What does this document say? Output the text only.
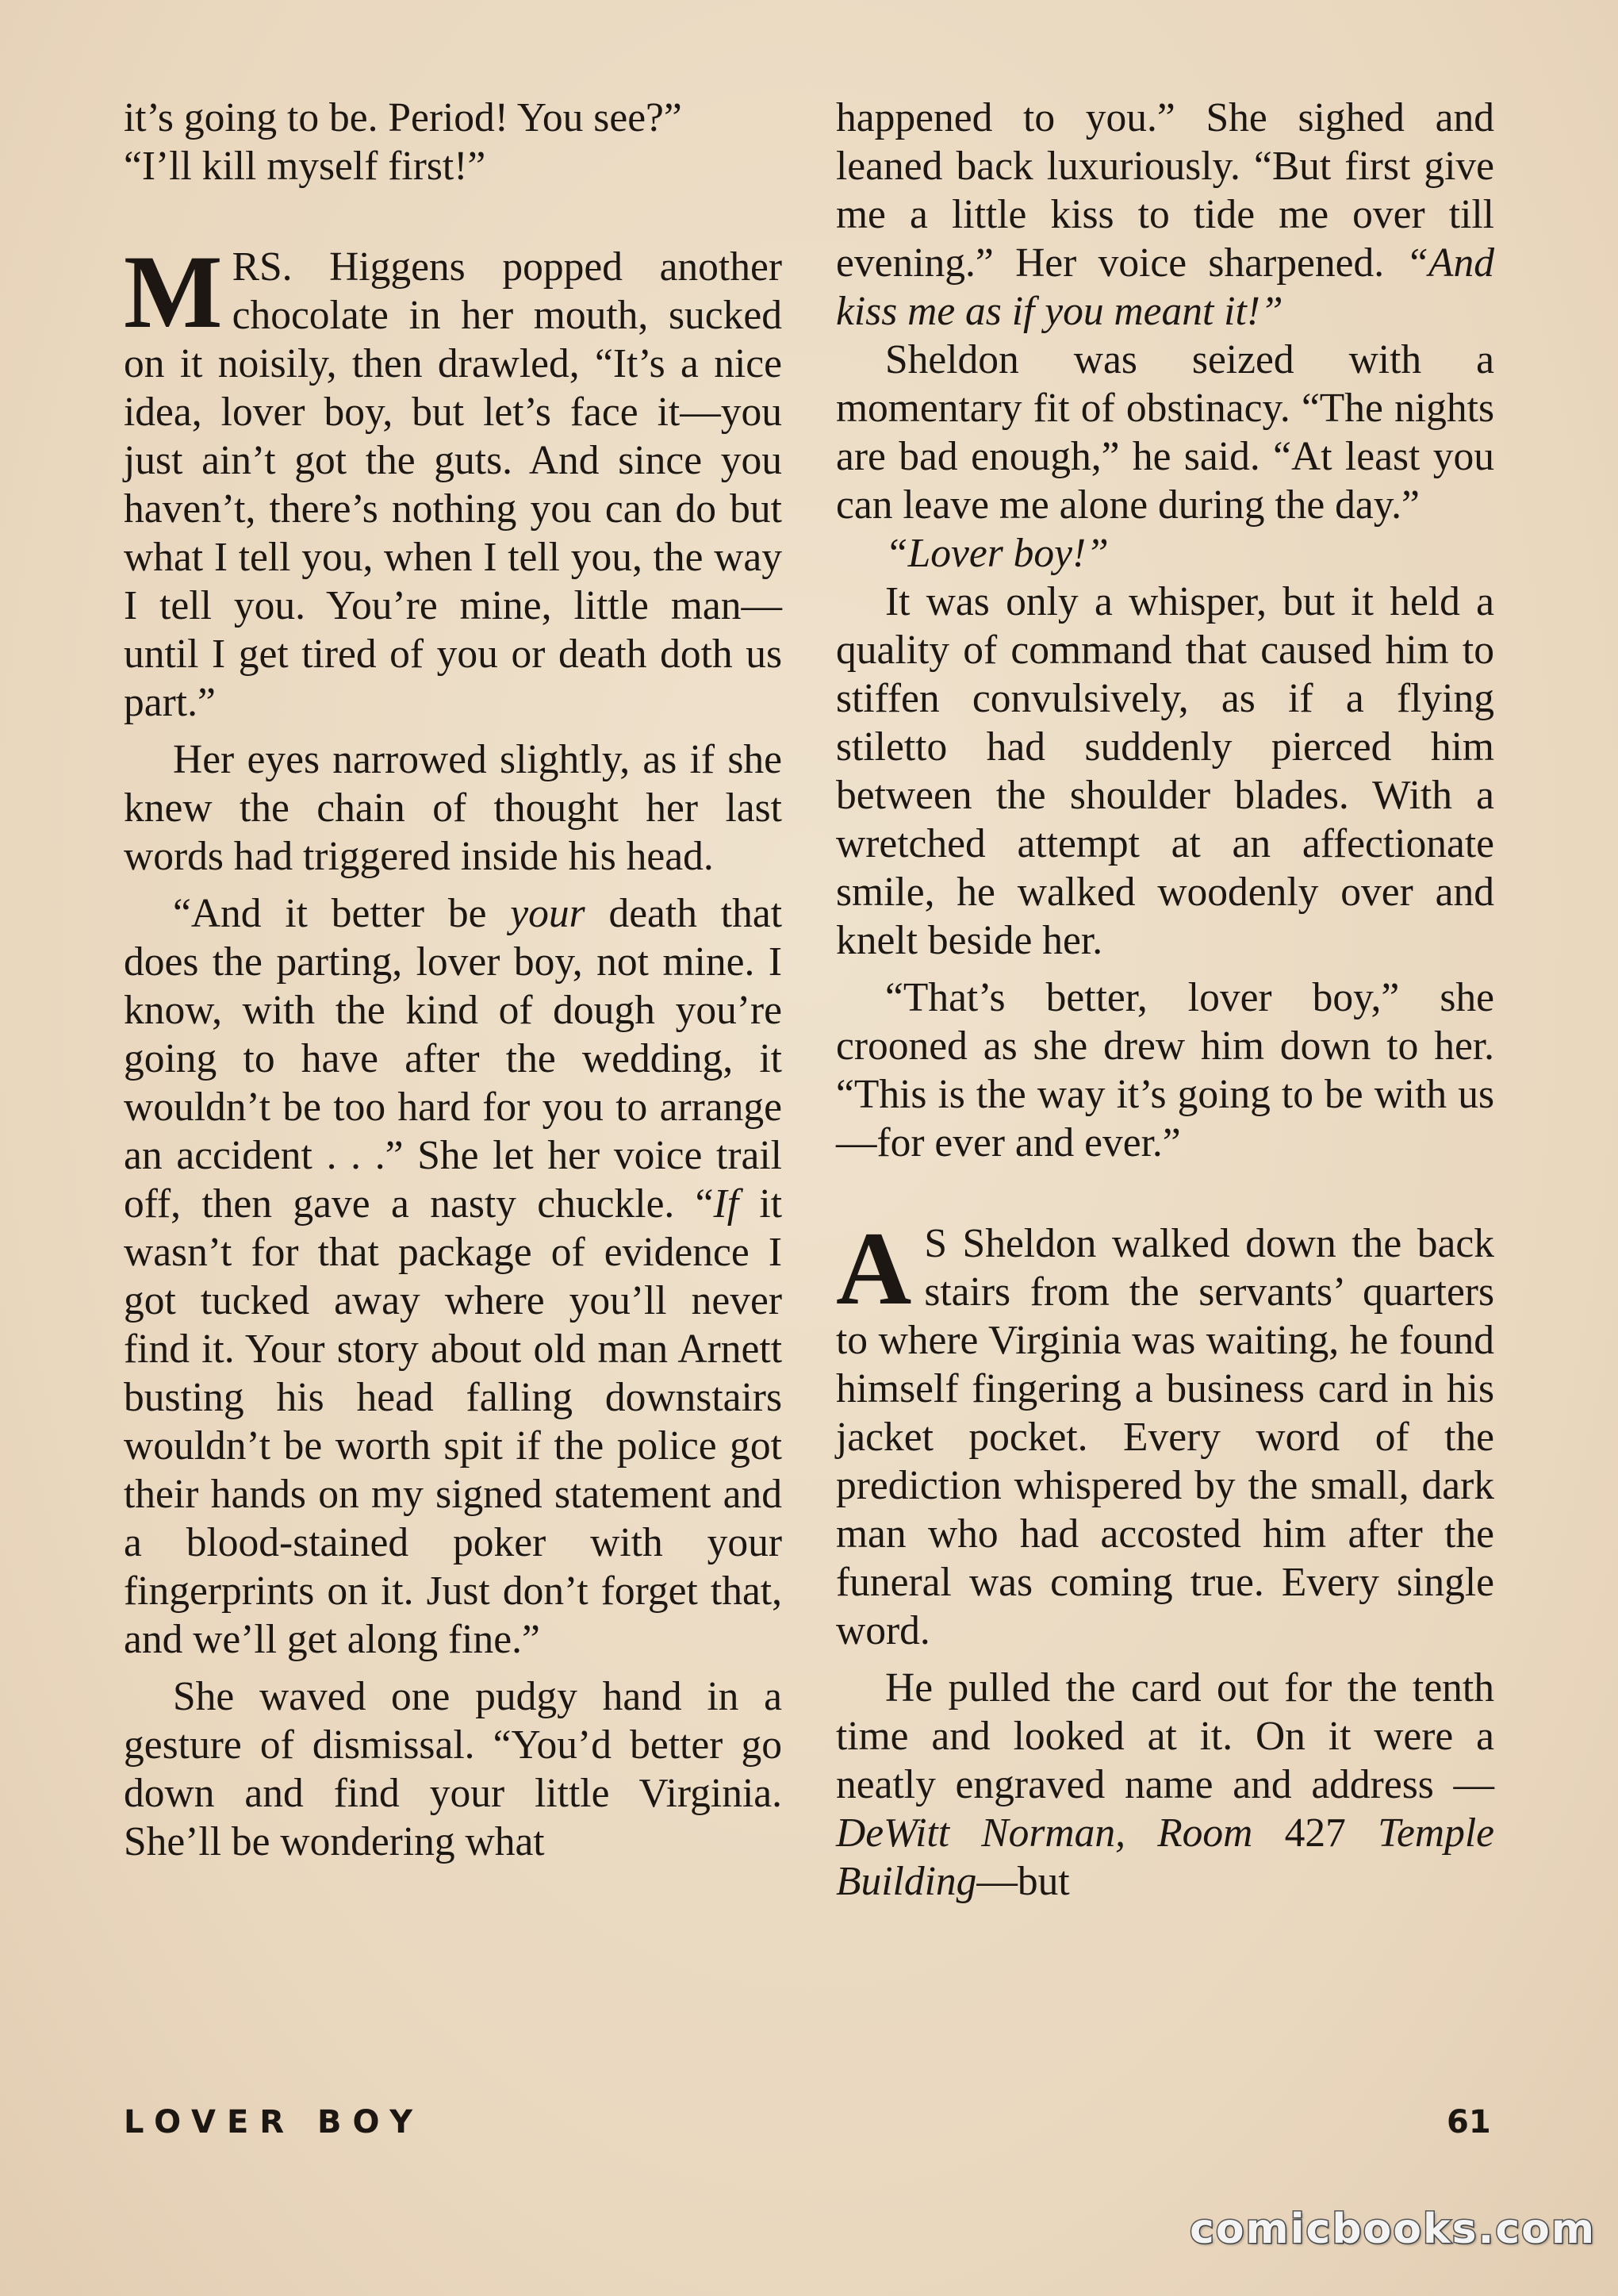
it’s going to be. Period! You see?”

“I’ll kill myself first!”

MRS. Higgens popped another chocolate in her mouth, sucked on it noisily, then drawled, “It’s a nice idea, lover boy, but let’s face it—you just ain’t got the guts. And since you haven’t, there’s nothing you can do but what I tell you, when I tell you, the way I tell you. You’re mine, little man—until I get tired of you or death doth us part.”

Her eyes narrowed slightly, as if she knew the chain of thought her last words had triggered inside his head.

“And it better be your death that does the parting, lover boy, not mine. I know, with the kind of dough you’re going to have after the wedding, it wouldn’t be too hard for you to arrange an accident . . .” She let her voice trail off, then gave a nasty chuckle. “If it wasn’t for that package of evidence I got tucked away where you’ll never find it. Your story about old man Arnett busting his head falling downstairs wouldn’t be worth spit if the police got their hands on my signed statement and a blood-stained poker with your fingerprints on it. Just don’t forget that, and we’ll get along fine.”

She waved one pudgy hand in a gesture of dismissal. “You’d better go down and find your little Virginia. She’ll be wondering what

happened to you.” She sighed and leaned back luxuriously. “But first give me a little kiss to tide me over till evening.” Her voice sharpened. “And kiss me as if you meant it!”

Sheldon was seized with a momentary fit of obstinacy. “The nights are bad enough,” he said. “At least you can leave me alone during the day.”

“Lover boy!”

It was only a whisper, but it held a quality of command that caused him to stiffen convulsively, as if a flying stiletto had suddenly pierced him between the shoulder blades. With a wretched attempt at an affectionate smile, he walked woodenly over and knelt beside her.

“That’s better, lover boy,” she crooned as she drew him down to her. “This is the way it’s going to be with us—for ever and ever.”

A S Sheldon walked down the back stairs from the servants’ quarters to where Virginia was waiting, he found himself fingering a business card in his jacket pocket. Every word of the prediction whispered by the small, dark man who had accosted him after the funeral was coming true. Every single word.

He pulled the card out for the tenth time and looked at it. On it were a neatly engraved name and address — DeWitt Norman, Room 427 Temple Building—but

LOVER BOY	61
comicbooks.com
